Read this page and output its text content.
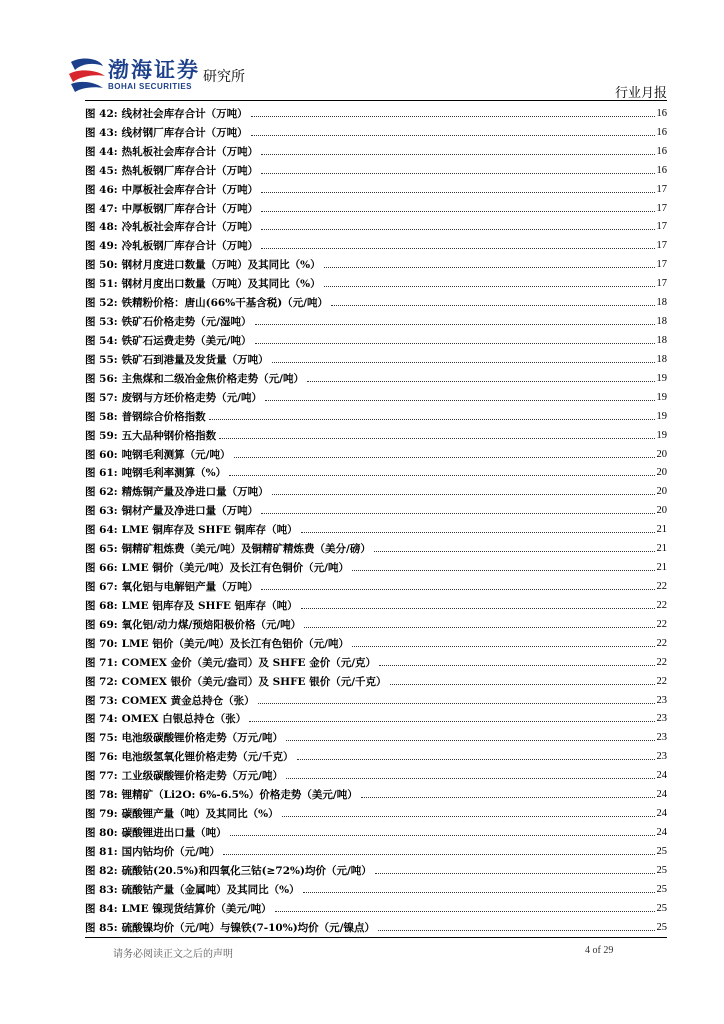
渤海证券
BOHAI SECURITIES
研究所
行业月报
图 42: 线材社会库存合计（万吨）	16
图 43: 线材钢厂库存合计（万吨）	16
图 44: 热轧板社会库存合计（万吨）	16
图 45: 热轧板钢厂库存合计（万吨）	16
图 46: 中厚板社会库存合计（万吨）	17
图 47: 中厚板钢厂库存合计（万吨）	17
图 48: 冷轧板社会库存合计（万吨）	17
图 49: 冷轧板钢厂库存合计（万吨）	17
图 50: 钢材月度进口数量（万吨）及其同比（%）	17
图 51: 钢材月度出口数量（万吨）及其同比（%）	17
图 52: 铁精粉价格：唐山(66%干基含税)（元/吨）	18
图 53: 铁矿石价格走势（元/湿吨）	18
图 54: 铁矿石运费走势（美元/吨）	18
图 55: 铁矿石到港量及发货量（万吨）	18
图 56: 主焦煤和二级冶金焦价格走势（元/吨）	19
图 57: 废钢与方坯价格走势（元/吨）	19
图 58: 普钢综合价格指数	19
图 59: 五大品种钢价格指数	19
图 60: 吨钢毛利测算（元/吨）	20
图 61: 吨钢毛利率测算（%）	20
图 62: 精炼铜产量及净进口量（万吨）	20
图 63: 铜材产量及净进口量（万吨）	20
图 64: LME 铜库存及 SHFE 铜库存（吨）	21
图 65: 铜精矿粗炼费（美元/吨）及铜精矿精炼费（美分/磅）	21
图 66: LME 铜价（美元/吨）及长江有色铜价（元/吨）	21
图 67: 氧化铝与电解铝产量（万吨）	22
图 68: LME 铝库存及 SHFE 铝库存（吨）	22
图 69: 氧化铝/动力煤/预焙阳极价格（元/吨）	22
图 70: LME 铝价（美元/吨）及长江有色铝价（元/吨）	22
图 71: COMEX 金价（美元/盎司）及 SHFE 金价（元/克）	22
图 72: COMEX 银价（美元/盎司）及 SHFE 银价（元/千克）	22
图 73: COMEX 黄金总持仓（张）	23
图 74: OMEX 白银总持仓（张）	23
图 75: 电池级碳酸锂价格走势（万元/吨）	23
图 76: 电池级氢氧化锂价格走势（元/千克）	23
图 77: 工业级碳酸锂价格走势（万元/吨）	24
图 78: 锂精矿（Li2O: 6%-6.5%）价格走势（美元/吨）	24
图 79: 碳酸锂产量（吨）及其同比（%）	24
图 80: 碳酸锂进出口量（吨）	24
图 81: 国内钴均价（元/吨）	25
图 82: 硫酸钴(20.5%)和四氧化三钴(≥72%)均价（元/吨）	25
图 83: 硫酸钴产量（金属吨）及其同比（%）	25
图 84: LME 镍现货结算价（美元/吨）	25
图 85: 硫酸镍均价（元/吨）与镍铁(7-10%)均价（元/镍点）	25
请务必阅读正文之后的声明	4 of 29
